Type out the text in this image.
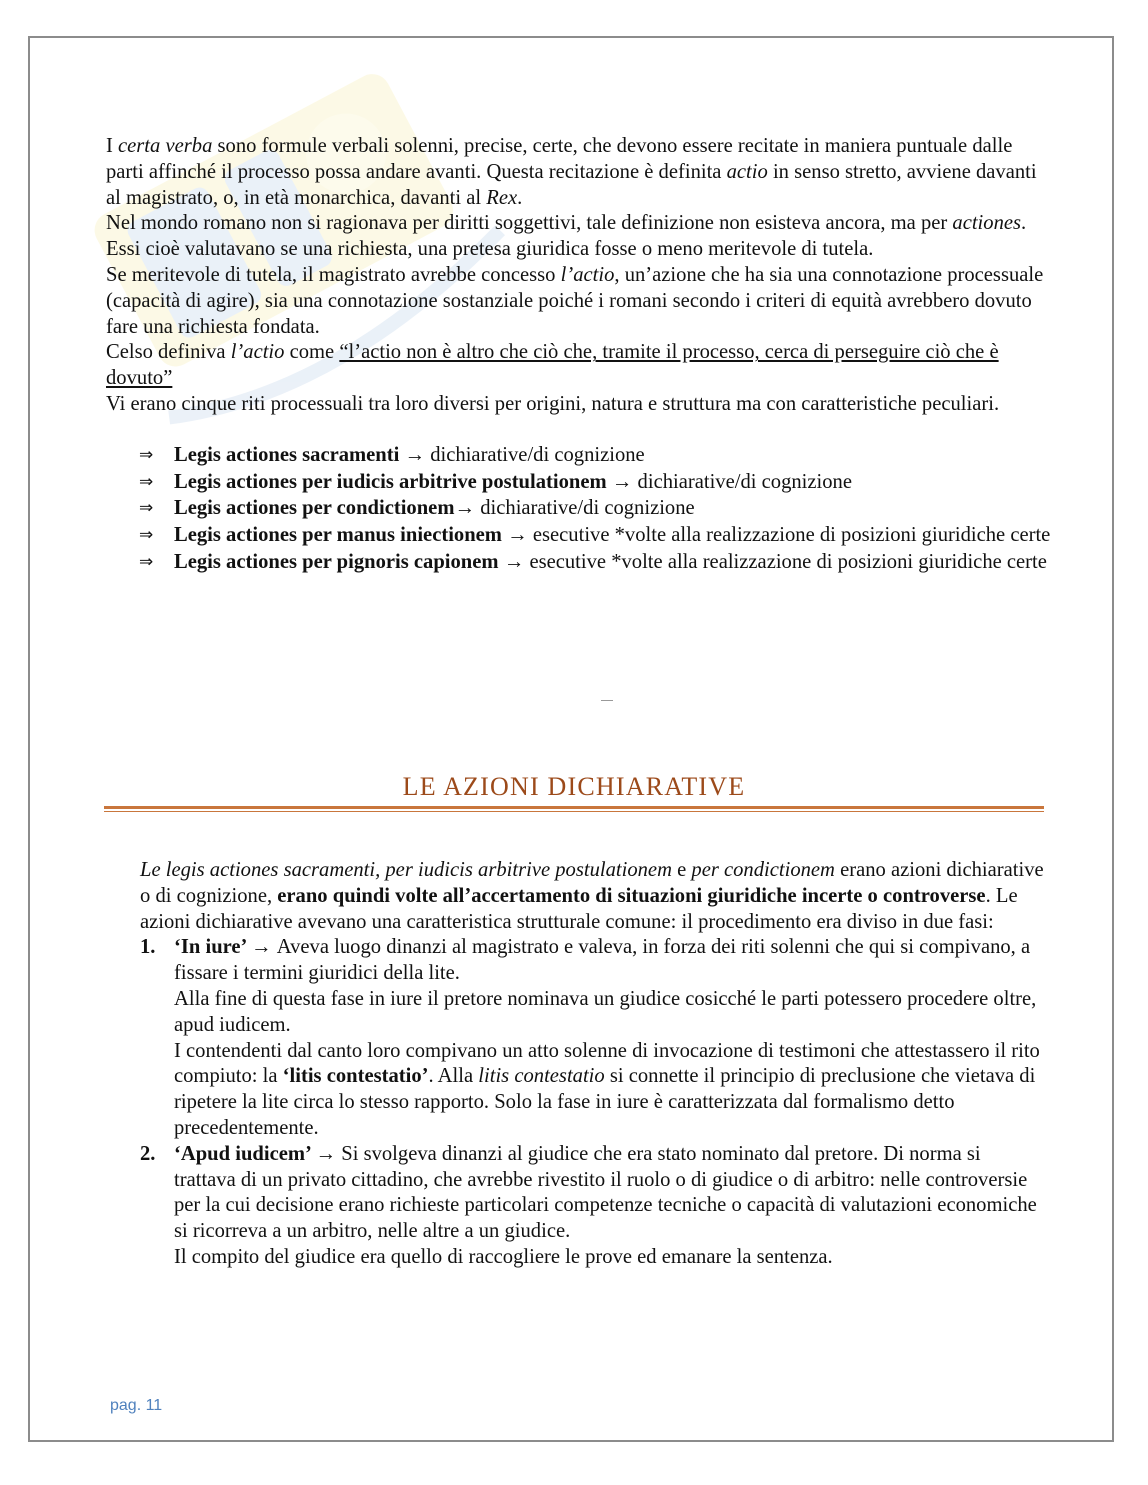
I certa verba sono formule verbali solenni, precise, certe, che devono essere recitate in maniera puntuale dalle parti affinché il processo possa andare avanti. Questa recitazione è definita actio in senso stretto, avviene davanti al magistrato, o, in età monarchica, davanti al Rex.

Nel mondo romano non si ragionava per diritti soggettivi, tale definizione non esisteva ancora, ma per actiones. Essi cioè valutavano se una richiesta, una pretesa giuridica fosse o meno meritevole di tutela.

Se meritevole di tutela, il magistrato avrebbe concesso l’actio, un’azione che ha sia una connotazione processuale (capacità di agire), sia una connotazione sostanziale poiché i romani secondo i criteri di equità avrebbero dovuto fare una richiesta fondata.

Celso definiva l’actio come “l’actio non è altro che ciò che, tramite il processo, cerca di perseguire ciò che è dovuto”

Vi erano cinque riti processuali tra loro diversi per origini, natura e struttura ma con caratteristiche peculiari.

⇒ Legis actiones sacramenti → dichiarative/di cognizione
⇒ Legis actiones per iudicis arbitrive postulationem → dichiarative/di cognizione
⇒ Legis actiones per condictionem→ dichiarative/di cognizione
⇒ Legis actiones per manus iniectionem → esecutive *volte alla realizzazione di posizioni giuridiche certe
⇒ Legis actiones per pignoris capionem → esecutive *volte alla realizzazione di posizioni giuridiche certe
LE AZIONI DICHIARATIVE

Le legis actiones sacramenti, per iudicis arbitrive postulationem e per condictionem erano azioni dichiarative o di cognizione, erano quindi volte all’accertamento di situazioni giuridiche incerte o controverse. Le azioni dichiarative avevano una caratteristica strutturale comune: il procedimento era diviso in due fasi:

1. ‘In iure’ → Aveva luogo dinanzi al magistrato e valeva, in forza dei riti solenni che qui si compivano, a fissare i termini giuridici della lite.
Alla fine di questa fase in iure il pretore nominava un giudice cosicché le parti potessero procedere oltre, apud iudicem.
I contendenti dal canto loro compivano un atto solenne di invocazione di testimoni che attestassero il rito compiuto: la ‘litis contestatio’. Alla litis contestatio si connette il principio di preclusione che vietava di ripetere la lite circa lo stesso rapporto. Solo la fase in iure è caratterizzata dal formalismo detto precedentemente.
2. ‘Apud iudicem’ → Si svolgeva dinanzi al giudice che era stato nominato dal pretore. Di norma si trattava di un privato cittadino, che avrebbe rivestito il ruolo o di giudice o di arbitro: nelle controversie per la cui decisione erano richieste particolari competenze tecniche o capacità di valutazioni economiche si ricorreva a un arbitro, nelle altre a un giudice.
Il compito del giudice era quello di raccogliere le prove ed emanare la sentenza.
pag. 11
